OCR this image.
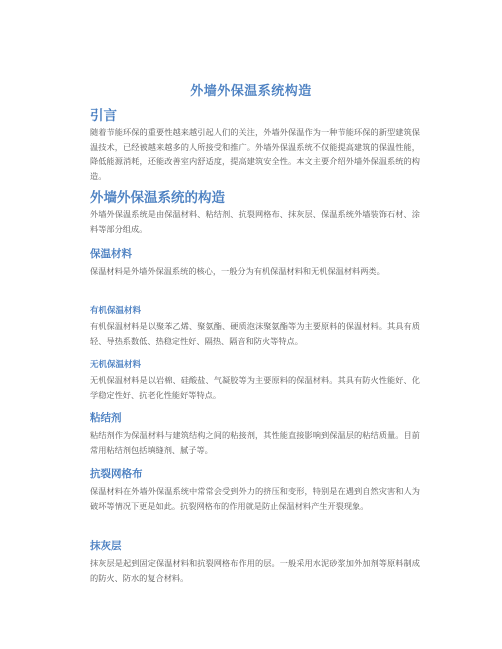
外墙外保温系统构造
引言

随着节能环保的重要性越来越引起人们的关注，外墙外保温作为一种节能环保的新型建筑保温技术，已经被越来越多的人所接受和推广。外墙外保温系统不仅能提高建筑的保温性能，降低能源消耗，还能改善室内舒适度，提高建筑安全性。本文主要介绍外墙外保温系统的构造。

外墙外保温系统的构造

外墙外保温系统是由保温材料、粘结剂、抗裂网格布、抹灰层、保温系统外墙装饰石材、涂料等部分组成。

保温材料

保温材料是外墙外保温系统的核心，一般分为有机保温材料和无机保温材料两类。

有机保温材料

有机保温材料是以聚苯乙烯、聚氨酯、硬质泡沫聚氨酯等为主要原料的保温材料。其具有质轻、导热系数低、热稳定性好、隔热、隔音和防火等特点。

无机保温材料

无机保温材料是以岩棉、硅酸盐、气凝胶等为主要原料的保温材料。其具有防火性能好、化学稳定性好、抗老化性能好等特点。

粘结剂

粘结剂作为保温材料与建筑结构之间的粘接剂，其性能直接影响到保温层的粘结质量。目前常用粘结剂包括填缝剂、腻子等。

抗裂网格布

保温材料在外墙外保温系统中常常会受到外力的挤压和变形，特别是在遇到自然灾害和人为破坏等情况下更是如此。抗裂网格布的作用就是防止保温材料产生开裂现象。

抹灰层

抹灰层是起到固定保温材料和抗裂网格布作用的层。一般采用水泥砂浆加外加剂等原料制成的防火、防水的复合材料。
